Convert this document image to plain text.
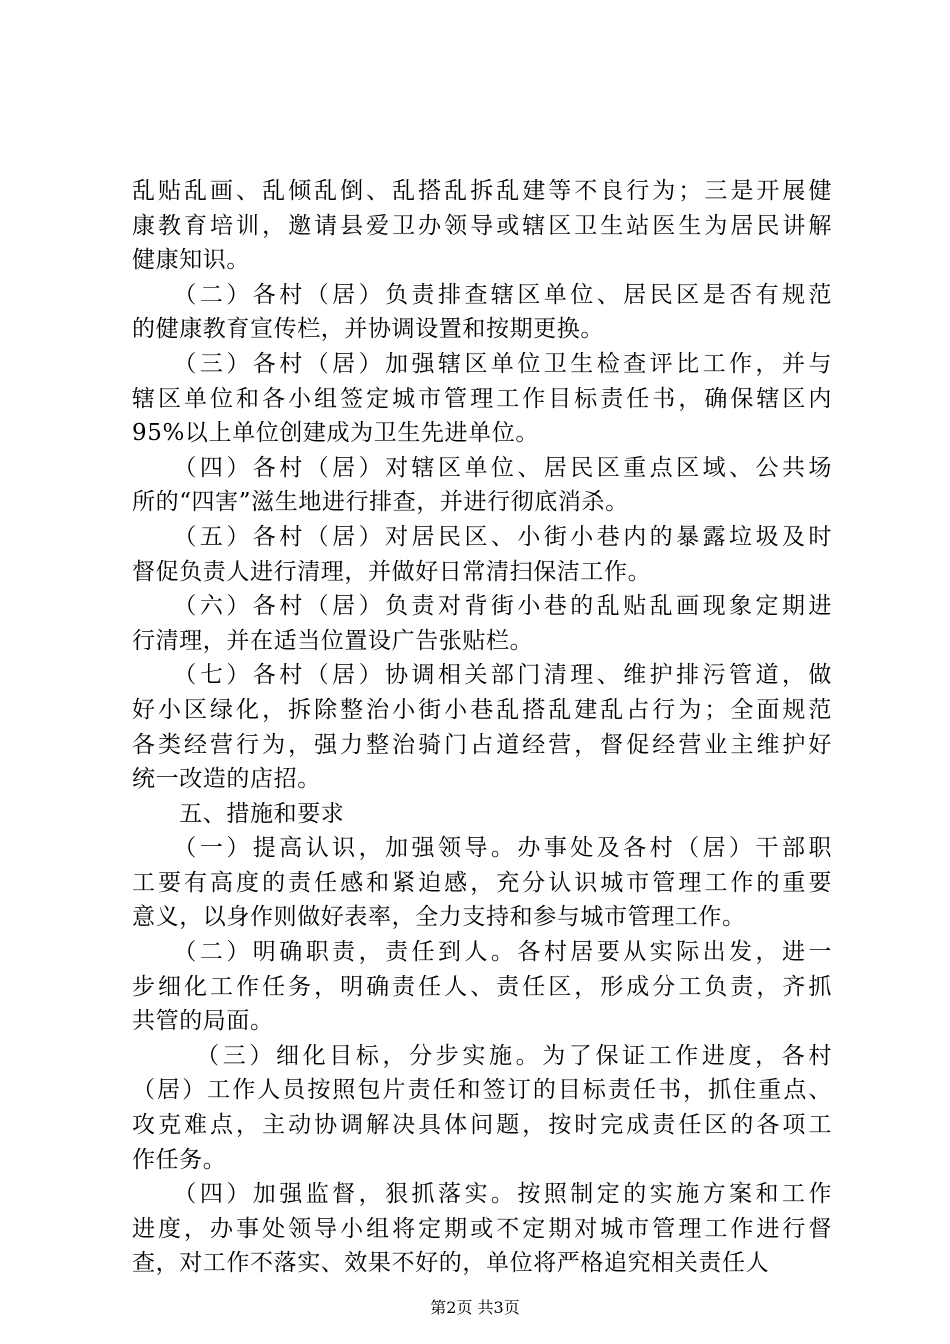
乱贴乱画、乱倾乱倒、乱搭乱拆乱建等不良行为；三是开展健
康教育培训，邀请县爱卫办领导或辖区卫生站医生为居民讲解
健康知识。
　　（二）各村（居）负责排查辖区单位、居民区是否有规范
的健康教育宣传栏，并协调设置和按期更换。
　　（三）各村（居）加强辖区单位卫生检查评比工作，并与
辖区单位和各小组签定城市管理工作目标责任书，确保辖区内
95%以上单位创建成为卫生先进单位。
　　（四）各村（居）对辖区单位、居民区重点区域、公共场
所的“四害”滋生地进行排查，并进行彻底消杀。
　　（五）各村（居）对居民区、小街小巷内的暴露垃圾及时
督促负责人进行清理，并做好日常清扫保洁工作。
　　（六）各村（居）负责对背街小巷的乱贴乱画现象定期进
行清理，并在适当位置设广告张贴栏。
　　（七）各村（居）协调相关部门清理、维护排污管道，做
好小区绿化，拆除整治小街小巷乱搭乱建乱占行为；全面规范
各类经营行为，强力整治骑门占道经营，督促经营业主维护好
统一改造的店招。
　　五、措施和要求
　　（一）提高认识，加强领导。办事处及各村（居）干部职
工要有高度的责任感和紧迫感，充分认识城市管理工作的重要
意义，以身作则做好表率，全力支持和参与城市管理工作。
　　（二）明确职责，责任到人。各村居要从实际出发，进一
步细化工作任务，明确责任人、责任区，形成分工负责，齐抓
共管的局面。
　　 （三）细化目标，分步实施。为了保证工作进度，各村
（居）工作人员按照包片责任和签订的目标责任书，抓住重点、
攻克难点，主动协调解决具体问题，按时完成责任区的各项工
作任务。
　　（四）加强监督，狠抓落实。按照制定的实施方案和工作
进度，办事处领导小组将定期或不定期对城市管理工作进行督
查，对工作不落实、效果不好的，单位将严格追究相关责任人
第2页 共3页
